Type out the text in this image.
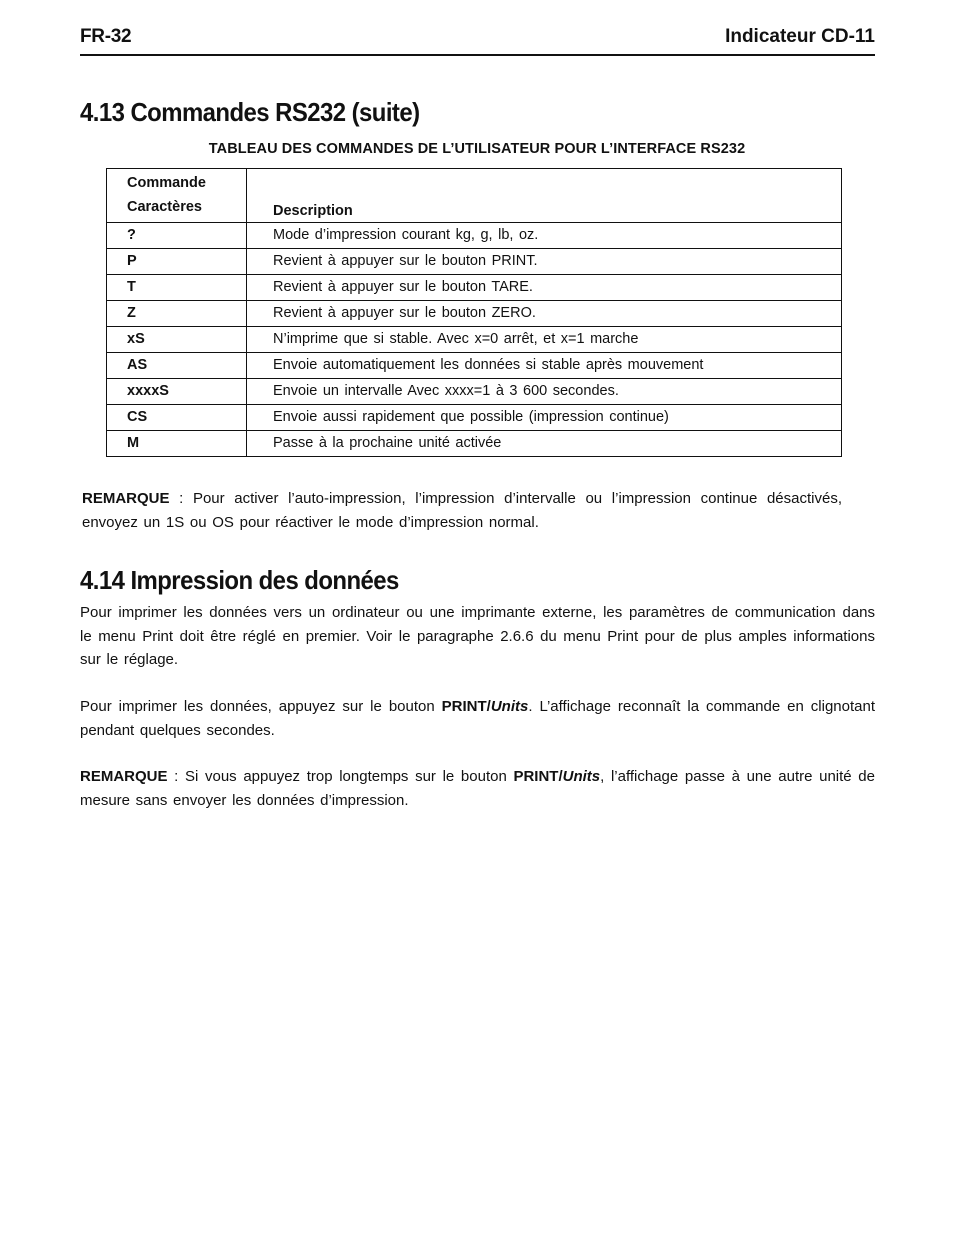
FR-32	Indicateur CD-11
4.13 Commandes RS232 (suite)
TABLEAU DES COMMANDES DE L’UTILISATEUR POUR L’INTERFACE RS232
Commande
Caractères	Description
?	Mode d’impression courant kg, g, lb, oz.
P	Revient à appuyer sur le bouton PRINT.
T	Revient à appuyer sur le bouton TARE.
Z	Revient à appuyer sur le bouton ZERO.
xS	N’imprime que si stable. Avec x=0 arrêt, et x=1 marche
AS	Envoie automatiquement les données si stable après mouvement
xxxxS	Envoie un intervalle Avec xxxx=1 à 3 600 secondes.
CS	Envoie aussi rapidement que possible (impression continue)
M	Passe à la prochaine unité activée
REMARQUE : Pour activer l’auto-impression, l’impression d’intervalle ou l’impression continue désactivés, envoyez un 1S ou OS pour réactiver le mode d’impression normal.
4.14 Impression des données
Pour imprimer les données vers un ordinateur ou une imprimante externe, les paramètres de communication dans le menu Print doit être réglé en premier. Voir le paragraphe 2.6.6 du menu Print pour de plus amples informations sur le réglage.
Pour imprimer les données, appuyez sur le bouton PRINT/Units. L’affichage reconnaît la commande en clignotant pendant quelques secondes.
REMARQUE : Si vous appuyez trop longtemps sur le bouton PRINT/Units, l’affichage passe à une autre unité de mesure sans envoyer les données d’impression.
